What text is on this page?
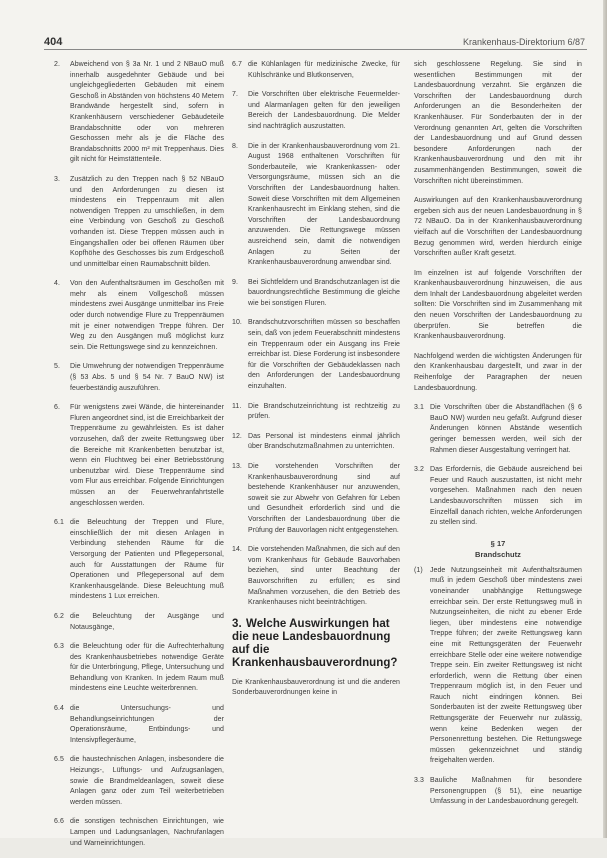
404	Krankenhaus-Direktorium 6/87

2. Abweichend von § 3a Nr. 1 und 2 NBauO muß innerhalb ausgedehnter Gebäude und bei ungleichgegliederten Gebäuden mit einem Geschoß in Abständen von höchstens 40 Metern Brandwände hergestellt sind, sofern in Krankenhäusern verschiedener Gebäudeteile Brandabschnitte oder von mehreren Geschossen mehr als je die Fläche des Brandabschnitts 2000 m² mit Treppenhaus. Dies gilt nicht für Heimstättenteile.

3. Zusätzlich zu den Treppen nach § 52 NBauO und den Anforderungen zu diesen ist mindestens ein Treppenraum mit allen notwendigen Treppen zu umschließen, in dem eine Verbindung von Geschoß zu Geschoß vorhanden ist. Diese Treppen müssen auch in Eingangshallen oder bei offenen Räumen über Kopfhöhe des Geschosses bis zum Erdgeschoß und unmittelbar einen Raumabschnitt bilden.

4. Von den Aufenthaltsräumen im Geschoßen mit mehr als einem Vollgeschoß müssen mindestens zwei Ausgänge unmittelbar ins Freie oder durch notwendige Flure zu Treppenräumen mit je einer notwendigen Treppe führen. Der Weg zu den Ausgängen muß möglichst kurz sein. Die Rettungswege sind zu kennzeichnen.

5. Die Umwehrung der notwendigen Treppenräume (§ 53 Abs. 5 und § 54 Nr. 7 BauO NW) ist feuerbeständig auszuführen.

6. Für wenigstens zwei Wände, die hintereinander Fluren angeordnet sind, ist die Erreichbarkeit der Treppenräume zu gewährleisten. Es ist daher vorzusehen, daß der zweite Rettungsweg über die Bereiche mit Krankenbetten benutzbar ist, wenn ein Fluchtweg bei einer Betriebsstörung unbenutzbar wird. Diese Treppenräume sind vom Flur aus erreichbar. Folgende Einrichtungen müssen an der Feuerwehranfahrtstelle angeschlossen werden.

6.1 die Beleuchtung der Treppen und Flure, einschließlich der mit diesen Anlagen in Verbindung stehenden Räume für die Versorgung der Patienten und Pflegepersonal, auch für Ausstattungen der Räume für Operationen und Pflegepersonal auf dem Krankenhausgelände. Diese Beleuchtung muß mindestens 1 Lux erreichen.

6.2 die Beleuchtung der Ausgänge und Notausgänge,

6.3 die Beleuchtung oder für die Aufrechterhaltung des Krankenhausbetriebes notwendige Geräte für die Unterbringung, Pflege, Untersuchung und Behandlung von Kranken. In jedem Raum muß mindestens eine Leuchte weiterbrennen.

6.4 die Untersuchungs- und Behandlungseinrichtungen der Operationsräume, Entbindungs- und Intensivpflegeräume,

6.5 die haustechnischen Anlagen, insbesondere die Heizungs-, Lüftungs- und Aufzugsanlagen, sowie die Brandmeldeanlagen, soweit diese Anlagen ganz oder zum Teil weiterbetrieben werden müssen.

6.6 die sonstigen technischen Einrichtungen, wie Lampen und Ladungsanlagen, Nachrufanlagen und Warneinrichtungen.

6.7 die Kühlanlagen für medizinische Zwecke, für Kühlschränke und Blutkonserven,

7. Die Vorschriften über elektrische Feuermelder- und Alarmanlagen gelten für den jeweiligen Bereich der Landesbauordnung. Die Melder sind nachträglich auszustatten.

8. Die in der Krankenhausbauverordnung vom 21. August 1968 enthaltenen Vorschriften für Sonderbauteile, wie Krankenkassen- oder Versorgungsräume, müssen sich an die Vorschriften der Landesbauordnung halten. Soweit diese Vorschriften mit dem Allgemeinen Krankenhausrecht im Einklang stehen, sind die Vorschriften der Landesbauordnung anzuwenden. Die Rettungswege müssen ausreichend sein, damit die notwendigen Anlagen zu Seiten der Krankenhausbauverordnung anwendbar sind.

9. Bei Sichtfeldern und Brandschutzanlagen ist die bauordnungsrechtliche Bestimmung die gleiche wie bei sonstigen Fluren.

10. Brandschutzvorschriften müssen so beschaffen sein, daß von jedem Feuerabschnitt mindestens ein Treppenraum oder ein Ausgang ins Freie erreichbar ist. Diese Forderung ist insbesondere für die Vorschriften der Gebäudeklassen nach den Anforderungen der Landesbauordnung einzuhalten.

11. Die Brandschutzeinrichtung ist rechtzeitig zu prüfen.

12. Das Personal ist mindestens einmal jährlich über Brandschutzmaßnahmen zu unterrichten.

13. Die vorstehenden Vorschriften der Krankenhausbauverordnung sind auf bestehende Krankenhäuser nur anzuwenden, soweit sie zur Abwehr von Gefahren für Leben und Gesundheit erforderlich sind und die Vorschriften der Landesbauordnung über die Prüfung der Bauvorlagen nicht entgegenstehen.

14. Die vorstehenden Maßnahmen, die sich auf den vom Krankenhaus für Gebäude Bauvorhaben beziehen, sind unter Beachtung der Bauvorschriften zu erfüllen; es sind Maßnahmen vorzusehen, die den Betrieb des Krankenhauses nicht beeinträchtigen.

3. Welche Auswirkungen hat die neue Landesbauordnung auf die Krankenhausbauverordnung?

Die Krankenhausbauverordnung ist und die anderen Sonderbauverordnungen keine in

sich geschlossene Regelung. Sie sind in wesentlichen Bestimmungen mit der Landesbauordnung verzahnt. Sie ergänzen die Vorschriften der Landesbauordnung durch Anforderungen an die Besonderheiten der Krankenhäuser. Für Sonderbauten der in der Verordnung genannten Art, gelten die Vorschriften der Landesbauordnung und auf Grund dessen besondere Anforderungen nach der Krankenhausbauverordnung und den mit ihr zusammenhängenden Bestimmungen, soweit die Vorschriften nicht übereinstimmen.

Auswirkungen auf den Krankenhausbauverordnung ergeben sich aus der neuen Landesbauordnung in § 72 NBauO. Da in der Krankenhausbauverordnung vielfach auf die Vorschriften der Landesbauordnung Bezug genommen wird, werden hierdurch einige Vorschriften außer Kraft gesetzt.

Im einzelnen ist auf folgende Vorschriften der Krankenhausbauverordnung hinzuweisen, die aus dem Inhalt der Landesbauordnung abgeleitet werden sollten: Die Vorschriften sind im Zusammenhang mit den neuen Vorschriften der Landesbauordnung zu überprüfen. Sie betreffen die Krankenhausbauverordnung.

Nachfolgend werden die wichtigsten Änderungen für den Krankenhausbau dargestellt, und zwar in der Reihenfolge der Paragraphen der neuen Landesbauordnung.

3.1 Die Vorschriften über die Abstandflächen (§ 6 BauO NW) wurden neu gefaßt. Aufgrund dieser Änderungen können Abstände wesentlich geringer bemessen werden, weil sich der Rahmen dieser Ausgestaltung verringert hat.

3.2 Das Erfordernis, die Gebäude ausreichend bei Feuer und Rauch auszustatten, ist nicht mehr vorgesehen. Maßnahmen nach den neuen Landesbauvorschriften müssen sich im Einzelfall danach richten, welche Anforderungen zu stellen sind.

§ 17
Brandschutz

(1) Jede Nutzungseinheit mit Aufenthaltsräumen muß in jedem Geschoß über mindestens zwei voneinander unabhängige Rettungswege erreichbar sein. Der erste Rettungsweg muß in Nutzungseinheiten, die nicht zu ebener Erde liegen, über mindestens eine notwendige Treppe führen; der zweite Rettungsweg kann eine mit Rettungsgeräten der Feuerwehr erreichbare Stelle oder eine weitere notwendige Treppe sein. Ein zweiter Rettungsweg ist nicht erforderlich, wenn die Rettung über einen Treppenraum möglich ist, in den Feuer und Rauch nicht eindringen können. Bei Sonderbauten ist der zweite Rettungsweg über Rettungsgeräte der Feuerwehr nur zulässig, wenn keine Bedenken wegen der Personenrettung bestehen. Die Rettungswege müssen gekennzeichnet und ständig freigehalten werden.

3.3 Bauliche Maßnahmen für besondere Personengruppen (§ 51), eine neuartige Umfassung in der Landesbauordnung geregelt.
